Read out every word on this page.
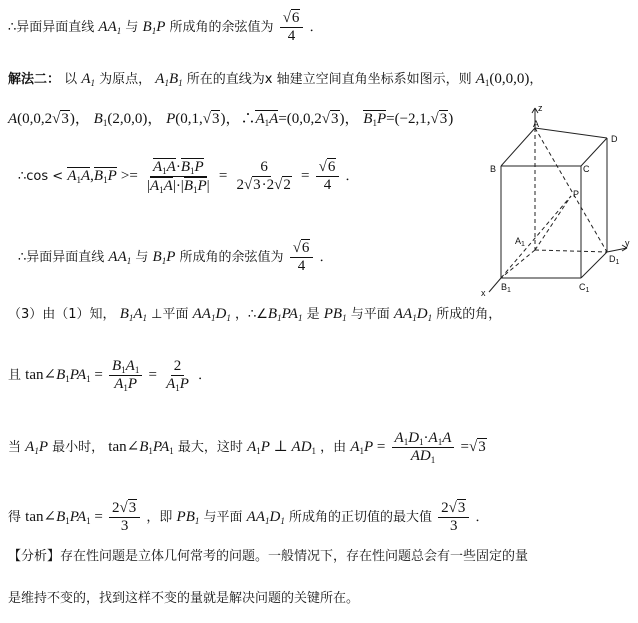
∴异面异面直线 $AA_1$ 与 $B_1P$ 所成角的余弦值为 $\frac{√6}{4}$ ．
解法二： 以 $A_1$ 为原点， $A_1B_1$ 所在的直线为x 轴建立空间直角坐标系如图示，则 $A_1(0,0,0)$，
A(0,0,2√3)， $B_1(2,0,0)$， P(0,1,√3)，$\therefore A_1A=(0,0,2√3)$， $B_1P=(-2,1,√3)$
∴cos < $A_1A,B_1P >= \frac{A_1A\cdot B_1P}{|A_1A|\cdot|B_1P|} = \frac{6}{2√3\cdot 2√2} = \frac{√6}{4}$ ．
∴异面异面直线 $AA_1$ 与 $B_1P$ 所成角的余弦值为 $\frac{√6}{4}$ ．
（3）由（1）知， $B_1A_1$ ⊥平面 $AA_1D_1$ ，$\therefore\angle B_1PA_1$ 是 $PB_1$ 与平面 $AA_1D_1$ 所成的角，
且 $\tan\angle B_1PA_1 = \frac{B_1A_1}{A_1P} = \frac{2}{A_1P}$ ．
当 $A_1P$ 最小时， $\tan\angle B_1PA_1$ 最大，这时 $A_1P$ ⊥ $AD_1$ ，由 $A_1P = \frac{A_1D_1\cdot A_1A}{AD_1} =√3$
得 $\tan\angle B_1PA_1 = \frac{2√3}{3}$ ，即 $PB_1$ 与平面 $AA_1D_1$ 所成角的正切值的最大值 $\frac{2√3}{3}$ ．
【分析】存在性问题是立体几何常考的问题。一般情况下，存在性问题总会有一些固定的量
是维持不变的，找到这样不变的量就是解决问题的关键所在。
z
A
D
B	C
P
$A_1$	y
$D_1$
x
$B_1$	$C_1$
